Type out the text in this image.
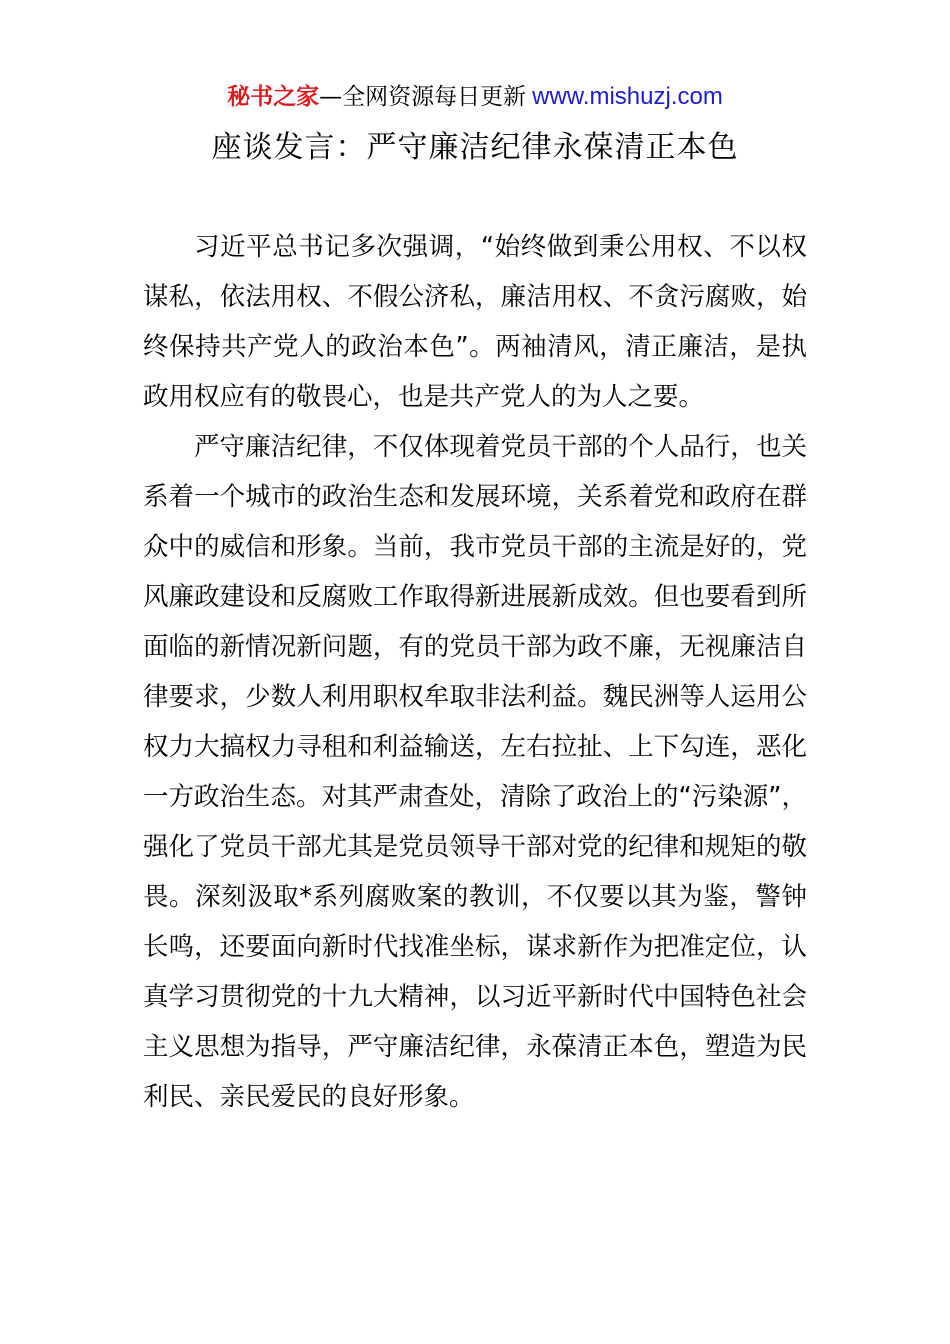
秘书之家—全网资源每日更新 www.mishuzj.com
座谈发言：严守廉洁纪律永葆清正本色

习近平总书记多次强调，“始终做到秉公用权、不以权谋私，依法用权、不假公济私，廉洁用权、不贪污腐败，始终保持共产党人的政治本色”。两袖清风，清正廉洁，是执政用权应有的敬畏心，也是共产党人的为人之要。

严守廉洁纪律，不仅体现着党员干部的个人品行，也关系着一个城市的政治生态和发展环境，关系着党和政府在群众中的威信和形象。当前，我市党员干部的主流是好的，党风廉政建设和反腐败工作取得新进展新成效。但也要看到所面临的新情况新问题，有的党员干部为政不廉，无视廉洁自律要求，少数人利用职权牟取非法利益。魏民洲等人运用公权力大搞权力寻租和利益输送，左右拉扯、上下勾连，恶化一方政治生态。对其严肃查处，清除了政治上的“污染源”，强化了党员干部尤其是党员领导干部对党的纪律和规矩的敬畏。深刻汲取*系列腐败案的教训，不仅要以其为鉴，警钟长鸣，还要面向新时代找准坐标，谋求新作为把准定位，认真学习贯彻党的十九大精神，以习近平新时代中国特色社会主义思想为指导，严守廉洁纪律，永葆清正本色，塑造为民利民、亲民爱民的良好形象。
